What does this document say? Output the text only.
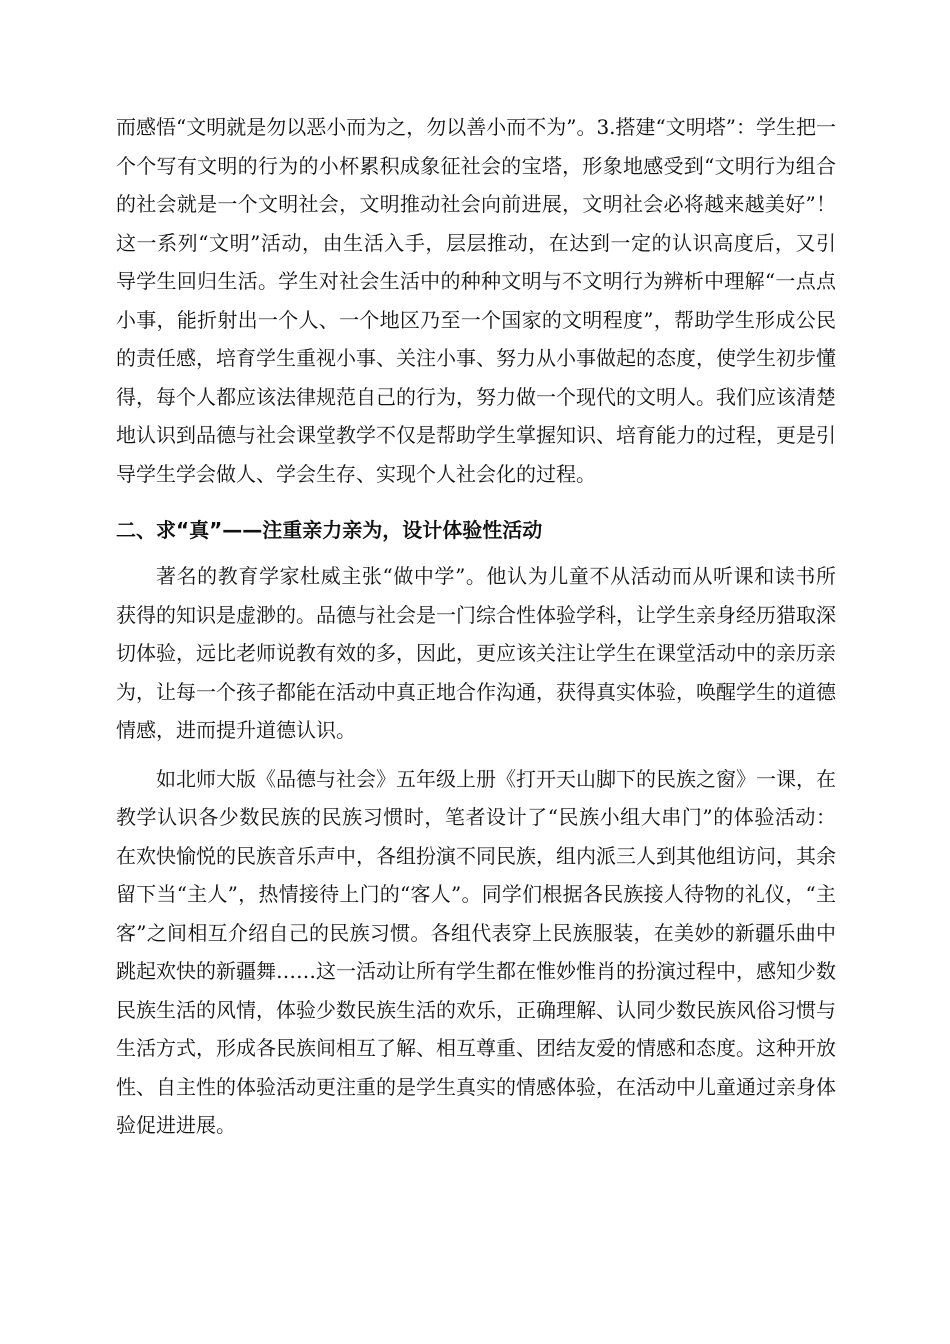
而感悟“文明就是勿以恶小而为之，勿以善小而不为”。3.搭建“文明塔”：学生把一个个写有文明的行为的小杯累积成象征社会的宝塔，形象地感受到“文明行为组合的社会就是一个文明社会，文明推动社会向前进展，文明社会必将越来越美好”！这一系列“文明”活动，由生活入手，层层推动，在达到一定的认识高度后，又引导学生回归生活。学生对社会生活中的种种文明与不文明行为辨析中理解“一点点小事，能折射出一个人、一个地区乃至一个国家的文明程度”，帮助学生形成公民的责任感，培育学生重视小事、关注小事、努力从小事做起的态度，使学生初步懂得，每个人都应该法律规范自己的行为，努力做一个现代的文明人。我们应该清楚地认识到品德与社会课堂教学不仅是帮助学生掌握知识、培育能力的过程，更是引导学生学会做人、学会生存、实现个人社会化的过程。

二、求“真”——注重亲力亲为，设计体验性活动

著名的教育学家杜威主张“做中学”。他认为儿童不从活动而从听课和读书所获得的知识是虚渺的。品德与社会是一门综合性体验学科，让学生亲身经历猎取深切体验，远比老师说教有效的多，因此，更应该关注让学生在课堂活动中的亲历亲为，让每一个孩子都能在活动中真正地合作沟通，获得真实体验，唤醒学生的道德情感，进而提升道德认识。

如北师大版《品德与社会》五年级上册《打开天山脚下的民族之窗》一课，在教学认识各少数民族的民族习惯时，笔者设计了“民族小组大串门”的体验活动：在欢快愉悦的民族音乐声中，各组扮演不同民族，组内派三人到其他组访问，其余留下当“主人”，热情接待上门的“客人”。同学们根据各民族接人待物的礼仪，“主客”之间相互介绍自己的民族习惯。各组代表穿上民族服装，在美妙的新疆乐曲中跳起欢快的新疆舞……这一活动让所有学生都在惟妙惟肖的扮演过程中，感知少数民族生活的风情，体验少数民族生活的欢乐，正确理解、认同少数民族风俗习惯与生活方式，形成各民族间相互了解、相互尊重、团结友爱的情感和态度。这种开放性、自主性的体验活动更注重的是学生真实的情感体验，在活动中儿童通过亲身体验促进进展。
